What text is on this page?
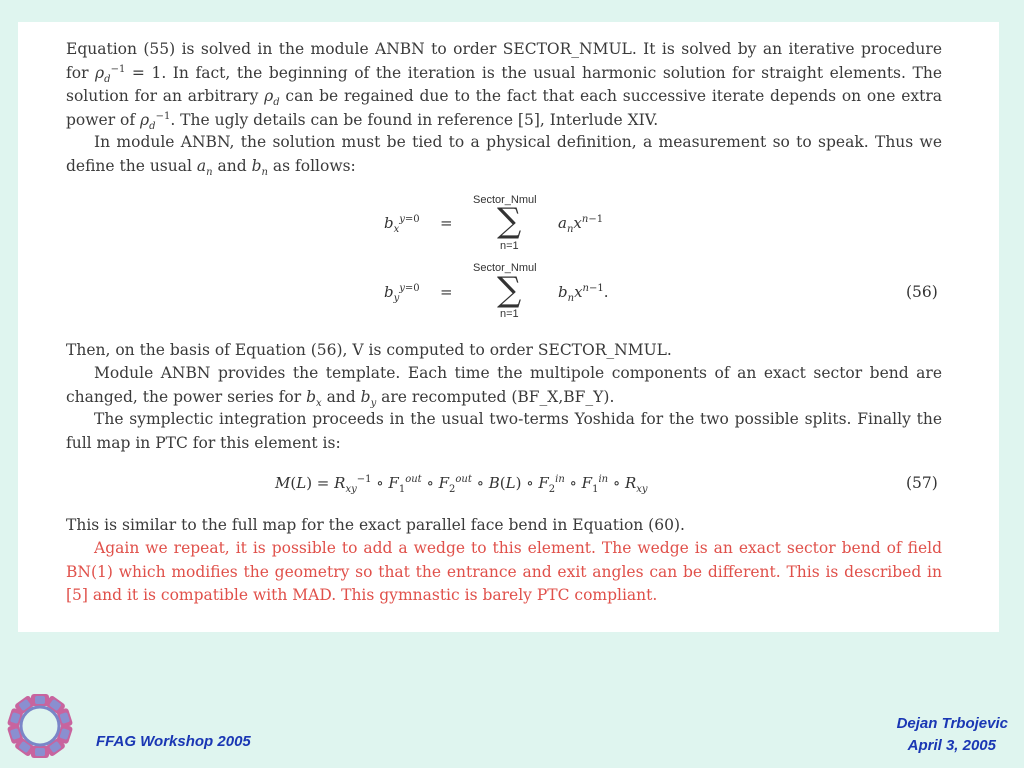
Equation (55) is solved in the module ANBN to order SECTOR_NMUL. It is solved by an iterative procedure for $\rho_d^{-1} = 1$. In fact, the beginning of the iteration is the usual harmonic solution for straight elements. The solution for an arbitrary $\rho_d$ can be regained due to the fact that each successive iterate depends on one extra power of $\rho_d^{-1}$. The ugly details can be found in reference [5], Interlude XIV.
In module ANBN, the solution must be tied to a physical definition, a measurement so to speak. Thus we define the usual $a_n$ and $b_n$ as follows:
$b_x^{y=0}$ =
Sector_Nmul
∑
n=1
$a_nx^{n-1}$
$b_y^{y=0}$ =
Sector_Nmul
∑
n=1
$b_nx^{n-1}$.	(56)
Then, on the basis of Equation (56), V is computed to order SECTOR_NMUL.
Module ANBN provides the template. Each time the multipole components of an exact sector bend are changed, the power series for $b_x$ and $b_y$ are recomputed (BF_X,BF_Y).
The symplectic integration proceeds in the usual two-terms Yoshida for the two possible splits. Finally the full map in PTC for this element is:
$M(L) = R_{xy}^{-1}$ ∘ $F_1^{out}$ ∘ $F_2^{out}$ ∘ B(L) ∘ $F_2^{in}$ ∘ $F_1^{in}$ ∘ $R_{xy}$	(57)
This is similar to the full map for the exact parallel face bend in Equation (60).
Again we repeat, it is possible to add a wedge to this element. The wedge is an exact sector bend of field BN(1) which modifies the geometry so that the entrance and exit angles can be different. This is described in [5] and it is compatible with MAD. This gymnastic is barely PTC compliant.
FFAG Workshop 2005
Dejan Trbojevic
April 3, 2005
